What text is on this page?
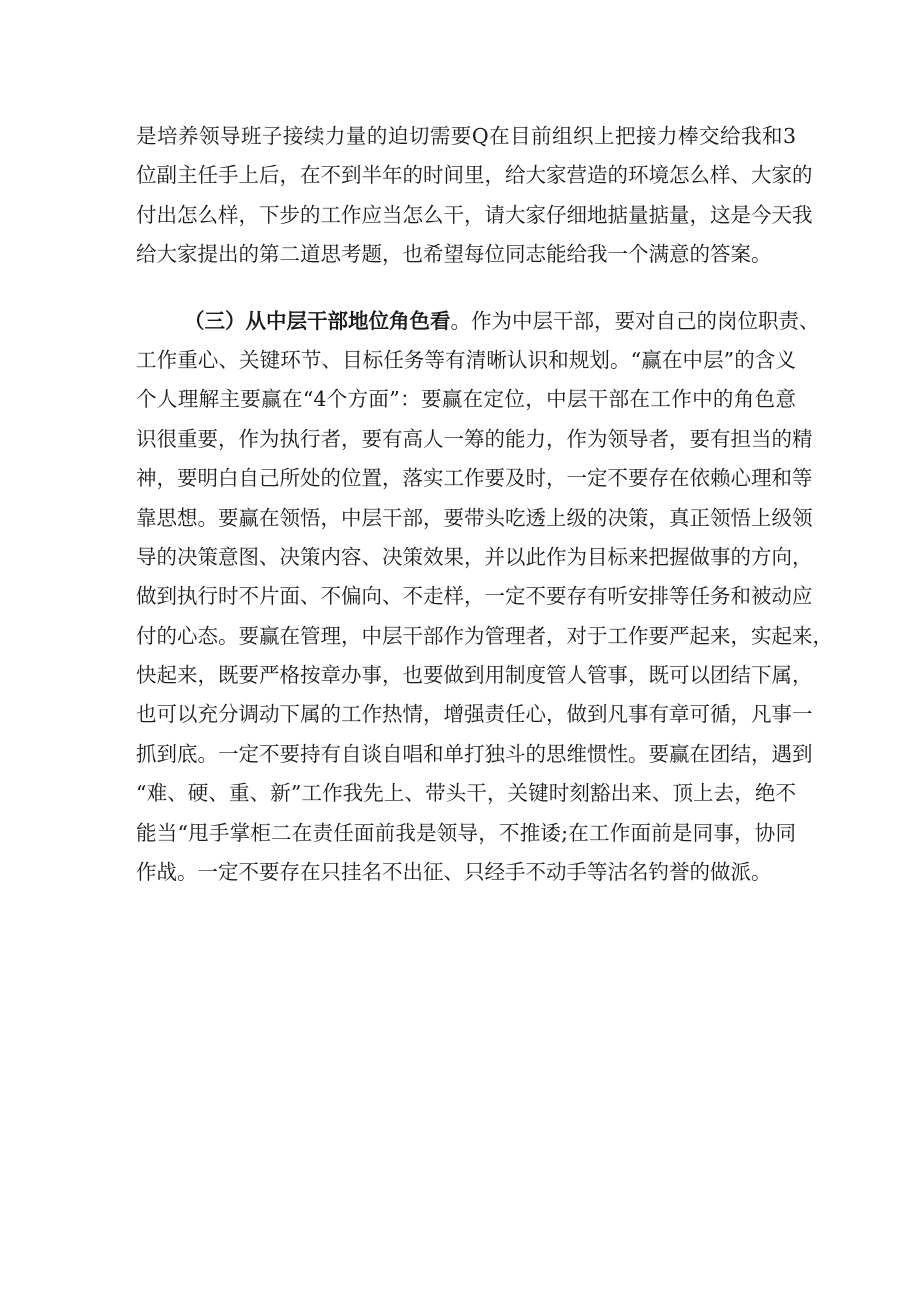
是培养领导班子接续力量的迫切需要Q在目前组织上把接力棒交给我和3
位副主任手上后，在不到半年的时间里，给大家营造的环境怎么样、大家的
付出怎么样，下步的工作应当怎么干，请大家仔细地掂量掂量，这是今天我
给大家提出的第二道思考题，也希望每位同志能给我一个满意的答案。
（三）从中层干部地位角色看。作为中层干部，要对自己的岗位职责、
工作重心、关键环节、目标任务等有清晰认识和规划。“赢在中层”的含义
个人理解主要赢在“4个方面”：要赢在定位，中层干部在工作中的角色意
识很重要，作为执行者，要有高人一筹的能力，作为领导者，要有担当的精
神，要明白自己所处的位置，落实工作要及时，一定不要存在依赖心理和等
靠思想。要赢在领悟，中层干部，要带头吃透上级的决策，真正领悟上级领
导的决策意图、决策内容、决策效果，并以此作为目标来把握做事的方向，
做到执行时不片面、不偏向、不走样，一定不要存有听安排等任务和被动应
付的心态。要赢在管理，中层干部作为管理者，对于工作要严起来，实起来，
快起来，既要严格按章办事，也要做到用制度管人管事，既可以团结下属，
也可以充分调动下属的工作热情，增强责任心，做到凡事有章可循，凡事一
抓到底。一定不要持有自谈自唱和单打独斗的思维惯性。要赢在团结，遇到
“难、硬、重、新”工作我先上、带头干，关键时刻豁出来、顶上去，绝不
能当“甩手掌柜二在责任面前我是领导，不推诿;在工作面前是同事，协同
作战。一定不要存在只挂名不出征、只经手不动手等沽名钓誉的做派。
